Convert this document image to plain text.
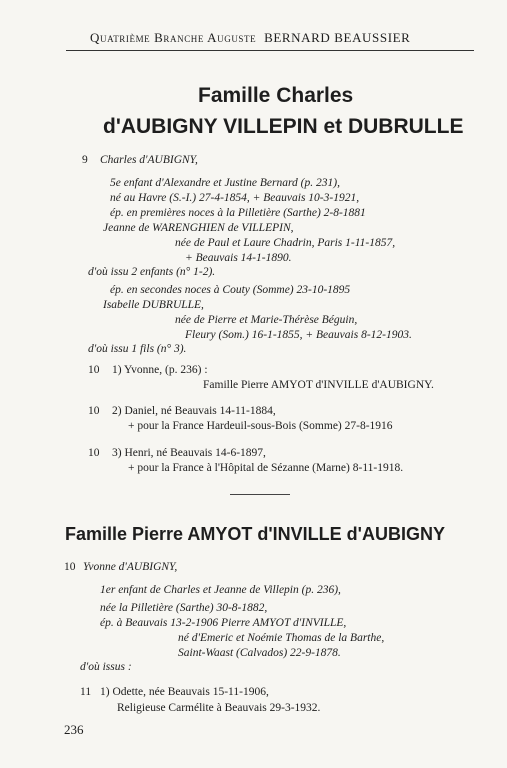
Quatrième Branche Auguste BERNARD BEAUSSIER
Famille Charles
d'AUBIGNY VILLEPIN et DUBRULLE
9 Charles d'AUBIGNY,
5e enfant d'Alexandre et Justine Bernard (p. 231),
né au Havre (S.-I.) 27-4-1854, + Beauvais 10-3-1921,
ép. en premières noces à la Pilletière (Sarthe) 2-8-1881
Jeanne de WARENGHIEN de VILLEPIN,
née de Paul et Laure Chadrin, Paris 1-11-1857,
+ Beauvais 14-1-1890.
d'où issu 2 enfants (n° 1-2).
ép. en secondes noces à Couty (Somme) 23-10-1895
Isabelle DUBRULLE,
née de Pierre et Marie-Thérèse Béguin,
Fleury (Som.) 16-1-1855, + Beauvais 8-12-1903.
d'où issu 1 fils (n° 3).
10 1) Yvonne, (p. 236) :
Famille Pierre AMYOT d'INVILLE d'AUBIGNY.
10 2) Daniel, né Beauvais 14-11-1884,
+ pour la France Hardeuil-sous-Bois (Somme) 27-8-1916
10 3) Henri, né Beauvais 14-6-1897,
+ pour la France à l'Hôpital de Sézanne (Marne) 8-11-1918.
Famille Pierre AMYOT d'INVILLE d'AUBIGNY
10 Yvonne d'AUBIGNY,
1er enfant de Charles et Jeanne de Villepin (p. 236),
née la Pilletière (Sarthe) 30-8-1882,
ép. à Beauvais 13-2-1906 Pierre AMYOT d'INVILLE,
né d'Emeric et Noémie Thomas de la Barthe,
Saint-Waast (Calvados) 22-9-1878.
d'où issus :
11 1) Odette, née Beauvais 15-11-1906,
Religieuse Carmélite à Beauvais 29-3-1932.
236
